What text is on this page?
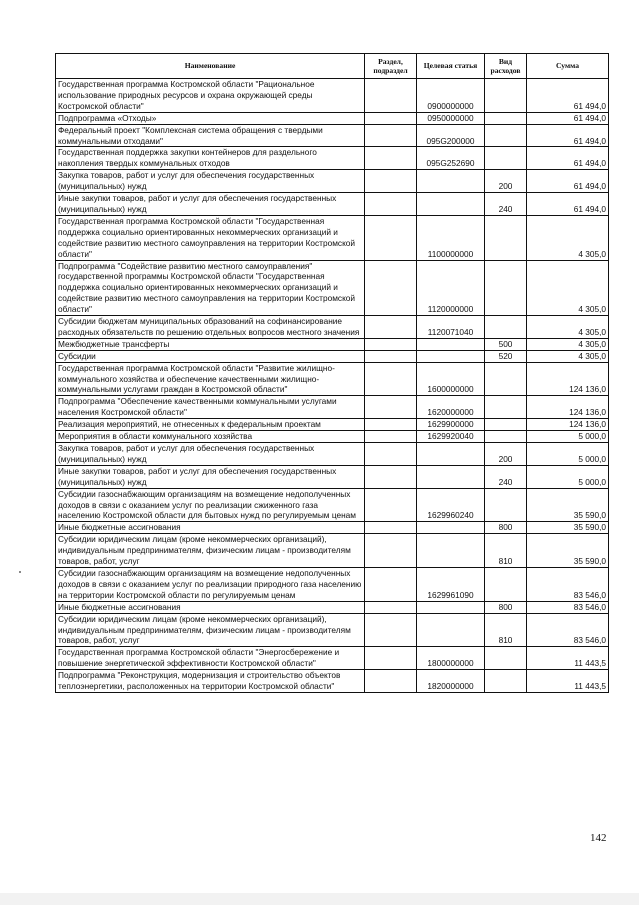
Наименование	Раздел, подраздел	Целевая статья	Вид расходов	Сумма
Государственная программа Костромской области "Рациональное использование природных ресурсов и охрана окружающей среды Костромской области"		0900000000		61 494,0
Подпрограмма «Отходы»		0950000000		61 494,0
Федеральный проект "Комплексная система обращения с твердыми коммунальными отходами"		095G200000		61 494,0
Государственная поддержка закупки контейнеров для раздельного накопления твердых коммунальных отходов		095G252690		61 494,0
Закупка товаров, работ и услуг для обеспечения государственных (муниципальных) нужд			200	61 494,0
Иные закупки товаров, работ и услуг для обеспечения государственных (муниципальных) нужд			240	61 494,0
Государственная программа Костромской области "Государственная поддержка социально ориентированных некоммерческих организаций и содействие развитию местного самоуправления на территории Костромской области"		1100000000		4 305,0
Подпрограмма "Содействие развитию местного самоуправления" государственной программы Костромской области "Государственная поддержка социально ориентированных некоммерческих организаций и содействие развитию местного самоуправления на территории Костромской области"		1120000000		4 305,0
Субсидии бюджетам муниципальных образований на софинансирование расходных обязательств по решению отдельных вопросов местного значения		1120071040		4 305,0
Межбюджетные трансферты			500	4 305,0
Субсидии			520	4 305,0
Государственная программа Костромской области "Развитие жилищно-коммунального хозяйства и обеспечение качественными жилищно-коммунальными услугами граждан в Костромской области"		1600000000		124 136,0
Подпрограмма "Обеспечение качественными коммунальными услугами населения Костромской области"		1620000000		124 136,0
Реализация мероприятий, не отнесенных к федеральным проектам		1629900000		124 136,0
Мероприятия в области коммунального хозяйства		1629920040		5 000,0
Закупка товаров, работ и услуг для обеспечения государственных (муниципальных) нужд			200	5 000,0
Иные закупки товаров, работ и услуг для обеспечения государственных (муниципальных) нужд			240	5 000,0
Субсидии газоснабжающим организациям на возмещение недополученных доходов в связи с оказанием услуг по реализации сжиженного газа населению Костромской области для бытовых нужд по регулируемым ценам		1629960240		35 590,0
Иные бюджетные ассигнования			800	35 590,0
Субсидии юридическим лицам (кроме некоммерческих организаций), индивидуальным предпринимателям, физическим лицам - производителям товаров, работ, услуг			810	35 590,0
Субсидии газоснабжающим организациям на возмещение недополученных доходов в связи с оказанием услуг по реализации природного газа населению на территории Костромской области по регулируемым ценам		1629961090		83 546,0
Иные бюджетные ассигнования			800	83 546,0
Субсидии юридическим лицам (кроме некоммерческих организаций), индивидуальным предпринимателям, физическим лицам - производителям товаров, работ, услуг			810	83 546,0
Государственная программа Костромской области "Энергосбережение и повышение энергетической эффективности Костромской области"		1800000000		11 443,5
Подпрограмма "Реконструкция, модернизация и строительство объектов теплоэнергетики, расположенных на территории Костромской области"		1820000000		11 443,5
142
